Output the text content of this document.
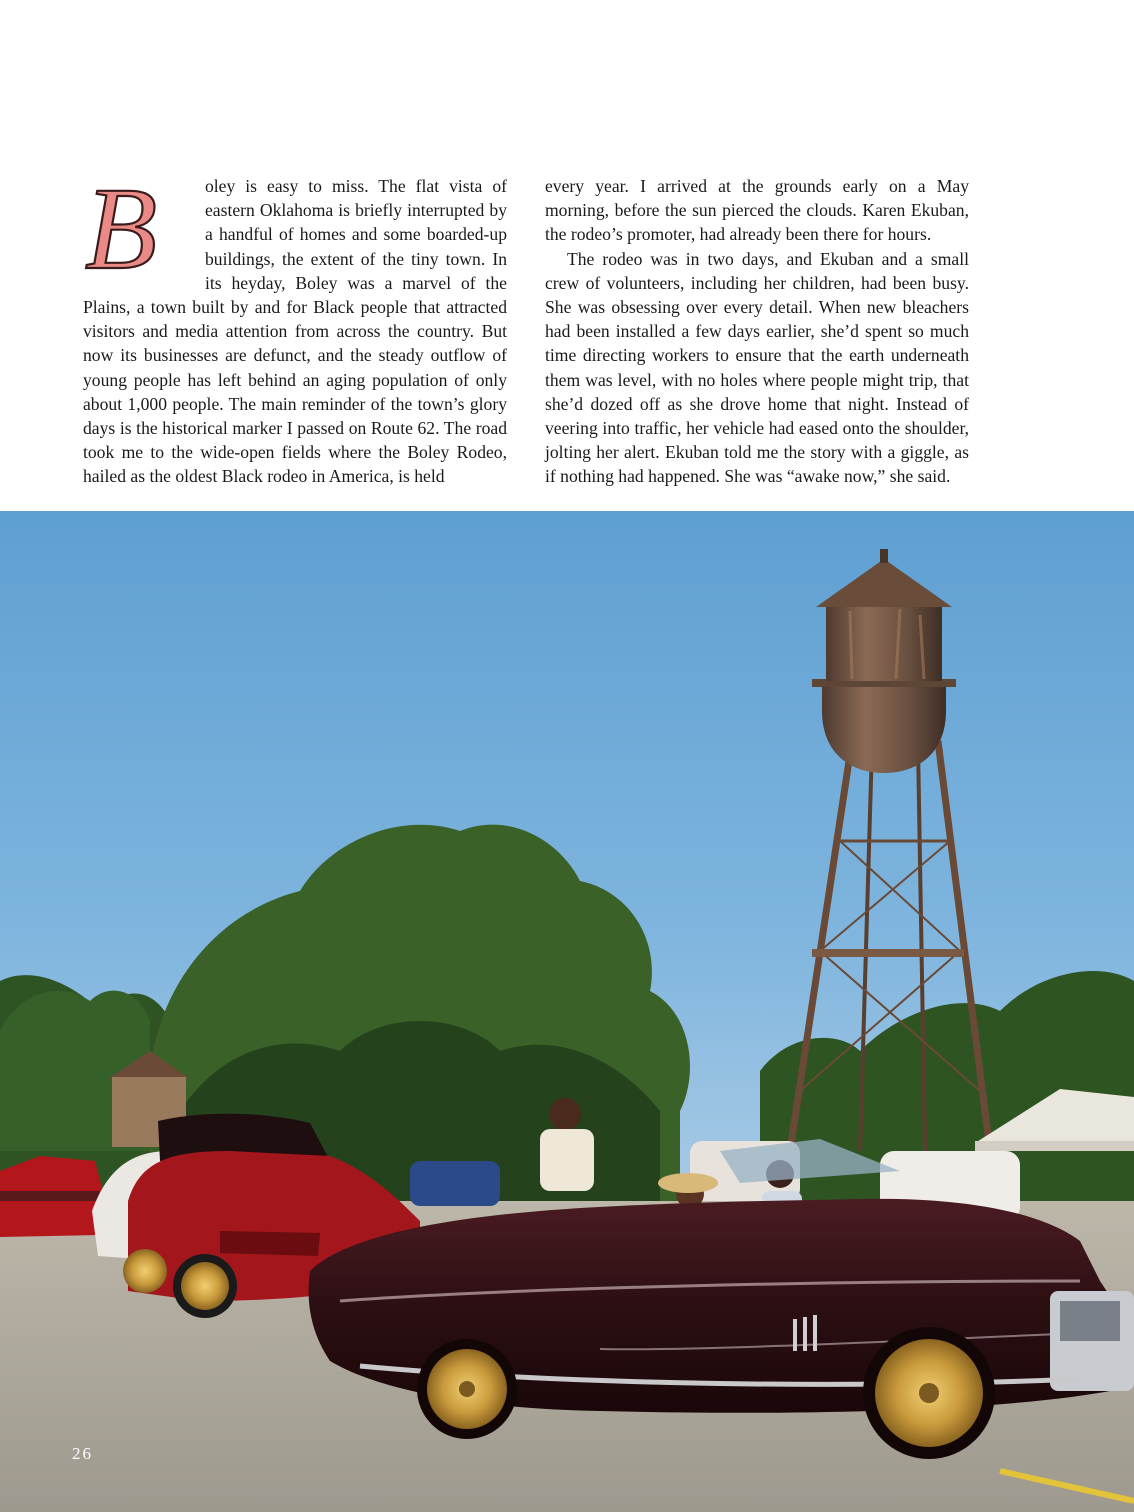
B	oley is easy to miss. The flat vista of eastern Oklahoma is briefly interrupted by a handful of homes and some boarded-up buildings, the extent of the tiny town. In its heyday, Boley was a marvel of the Plains, a town built by and for Black people that attracted visitors and media attention from across the country. But now its businesses are defunct, and the steady outflow of young people has left behind an aging population of only about 1,000 people. The main reminder of the town’s glory days is the historical marker I passed on Route 62. The road took me to the wide-open fields where the Boley Rodeo, hailed as the oldest Black rodeo in America, is held

every year. I arrived at the grounds early on a May morning, before the sun pierced the clouds. Karen Ekuban, the rodeo’s promoter, had already been there for hours.

The rodeo was in two days, and Ekuban and a small crew of volunteers, including her children, had been busy. She was obsessing over every detail. When new bleachers had been installed a few days earlier, she’d spent so much time directing workers to ensure that the earth underneath them was level, with no holes where people might trip, that she’d dozed off as she drove home that night. Instead of veering into traffic, her vehicle had eased onto the shoulder, jolting her alert. Ekuban told me the story with a giggle, as if nothing had happened. She was “awake now,” she said.

26
